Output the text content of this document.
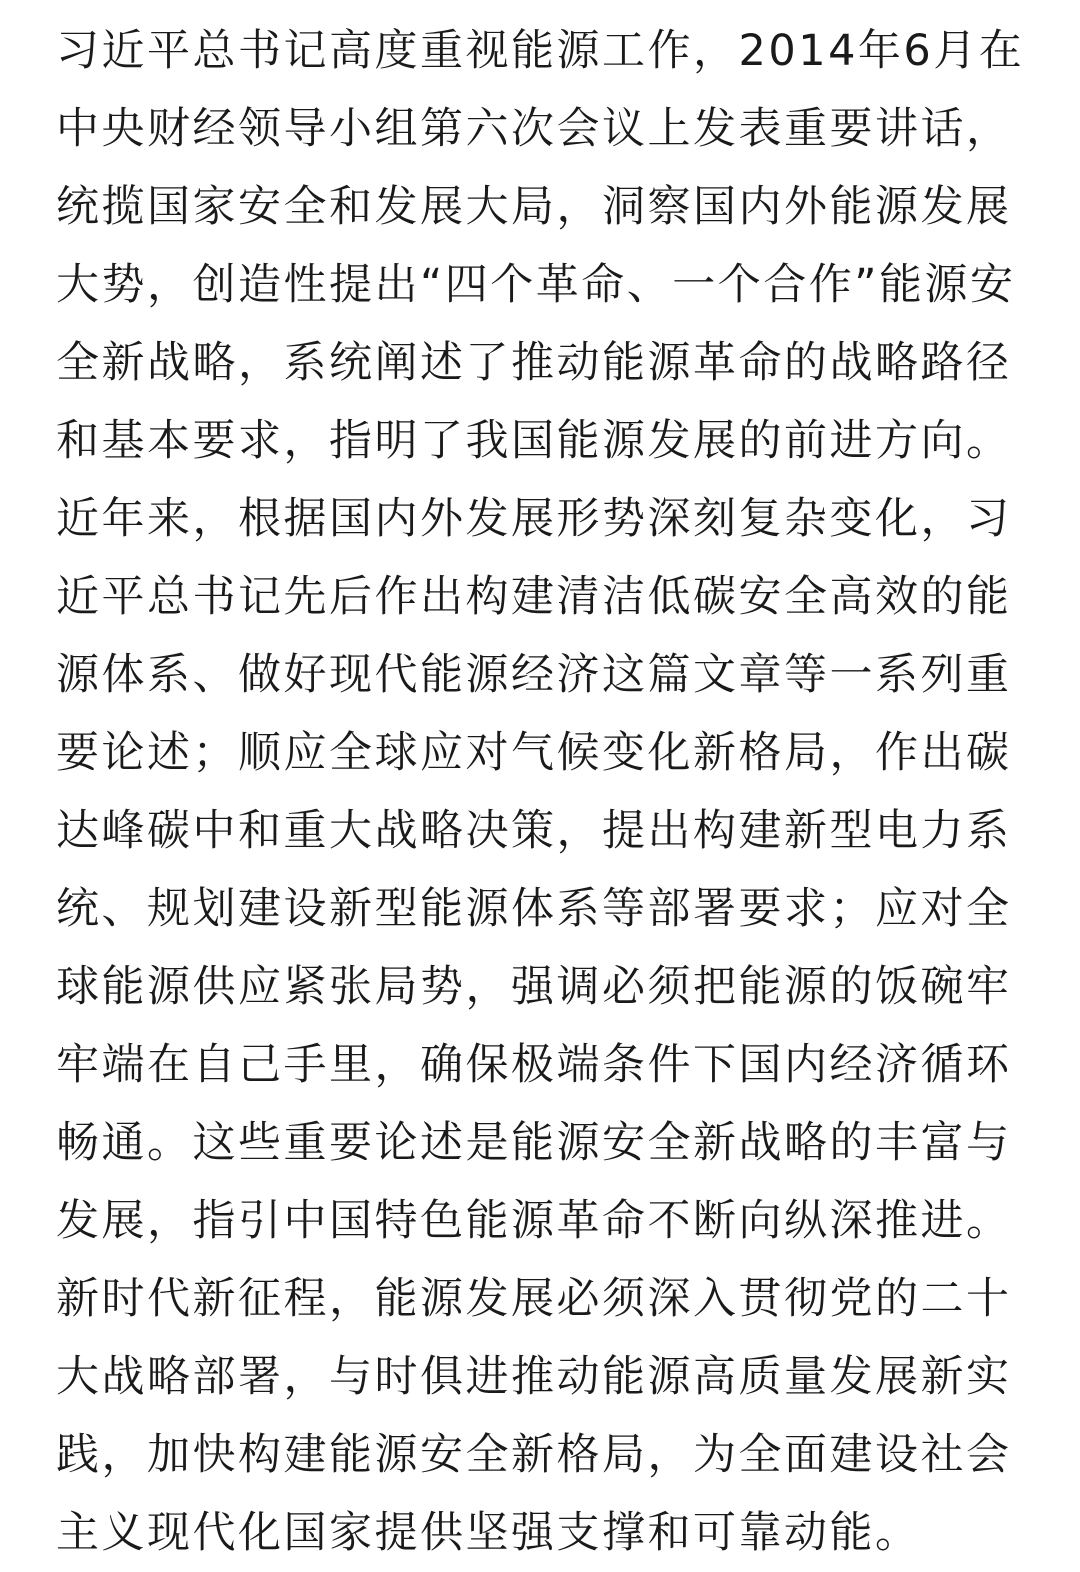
习近平总书记高度重视能源工作，2014年6月在
中央财经领导小组第六次会议上发表重要讲话，
统揽国家安全和发展大局，洞察国内外能源发展
大势，创造性提出“四个革命、一个合作”能源安
全新战略，系统阐述了推动能源革命的战略路径
和基本要求，指明了我国能源发展的前进方向。
近年来，根据国内外发展形势深刻复杂变化，习
近平总书记先后作出构建清洁低碳安全高效的能
源体系、做好现代能源经济这篇文章等一系列重
要论述；顺应全球应对气候变化新格局，作出碳
达峰碳中和重大战略决策，提出构建新型电力系
统、规划建设新型能源体系等部署要求；应对全
球能源供应紧张局势，强调必须把能源的饭碗牢
牢端在自己手里，确保极端条件下国内经济循环
畅通。这些重要论述是能源安全新战略的丰富与
发展，指引中国特色能源革命不断向纵深推进。
新时代新征程，能源发展必须深入贯彻党的二十
大战略部署，与时俱进推动能源高质量发展新实
践，加快构建能源安全新格局，为全面建设社会
主义现代化国家提供坚强支撑和可靠动能。
